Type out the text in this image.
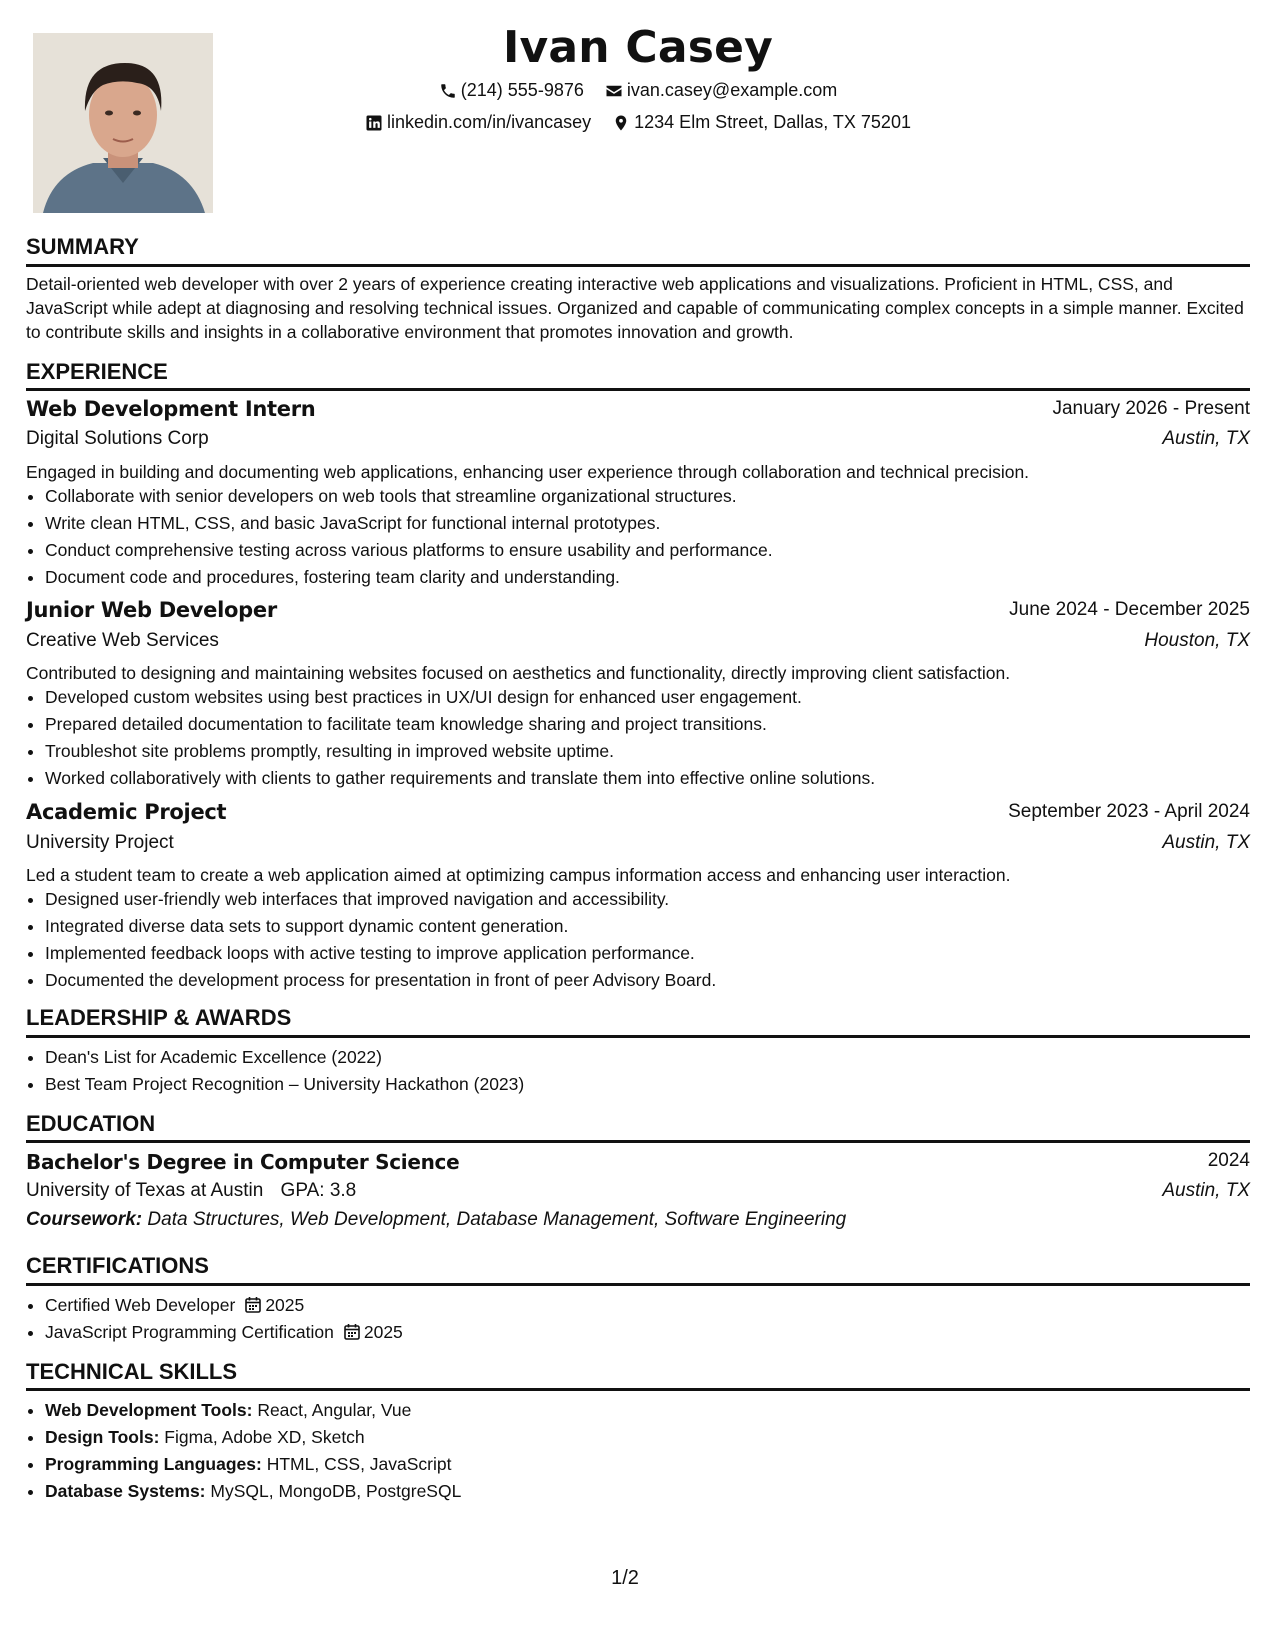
Ivan Casey
(214) 555-9876
ivan.casey@example.com
linkedin.com/in/ivancasey
1234 Elm Street, Dallas, TX 75201
SUMMARY
Detail-oriented web developer with over 2 years of experience creating interactive web applications and visualizations. Proficient in HTML, CSS, and JavaScript while adept at diagnosing and resolving technical issues. Organized and capable of communicating complex concepts in a simple manner. Excited to contribute skills and insights in a collaborative environment that promotes innovation and growth.
EXPERIENCE
Web Development Intern	January 2026 - Present
Digital Solutions Corp	Austin, TX
Engaged in building and documenting web applications, enhancing user experience through collaboration and technical precision.
• Collaborate with senior developers on web tools that streamline organizational structures.
• Write clean HTML, CSS, and basic JavaScript for functional internal prototypes.
• Conduct comprehensive testing across various platforms to ensure usability and performance.
• Document code and procedures, fostering team clarity and understanding.
Junior Web Developer	June 2024 - December 2025
Creative Web Services	Houston, TX
Contributed to designing and maintaining websites focused on aesthetics and functionality, directly improving client satisfaction.
• Developed custom websites using best practices in UX/UI design for enhanced user engagement.
• Prepared detailed documentation to facilitate team knowledge sharing and project transitions.
• Troubleshot site problems promptly, resulting in improved website uptime.
• Worked collaboratively with clients to gather requirements and translate them into effective online solutions.
Academic Project	September 2023 - April 2024
University Project	Austin, TX
Led a student team to create a web application aimed at optimizing campus information access and enhancing user interaction.
• Designed user-friendly web interfaces that improved navigation and accessibility.
• Integrated diverse data sets to support dynamic content generation.
• Implemented feedback loops with active testing to improve application performance.
• Documented the development process for presentation in front of peer Advisory Board.
LEADERSHIP & AWARDS
• Dean's List for Academic Excellence (2022)
• Best Team Project Recognition – University Hackathon (2023)
EDUCATION
Bachelor's Degree in Computer Science	2024
University of Texas at Austin GPA: 3.8	Austin, TX
Coursework: Data Structures, Web Development, Database Management, Software Engineering
CERTIFICATIONS
• Certified Web Developer 2025
• JavaScript Programming Certification 2025
TECHNICAL SKILLS
• Web Development Tools: React, Angular, Vue
• Design Tools: Figma, Adobe XD, Sketch
• Programming Languages: HTML, CSS, JavaScript
• Database Systems: MySQL, MongoDB, PostgreSQL
1/2
